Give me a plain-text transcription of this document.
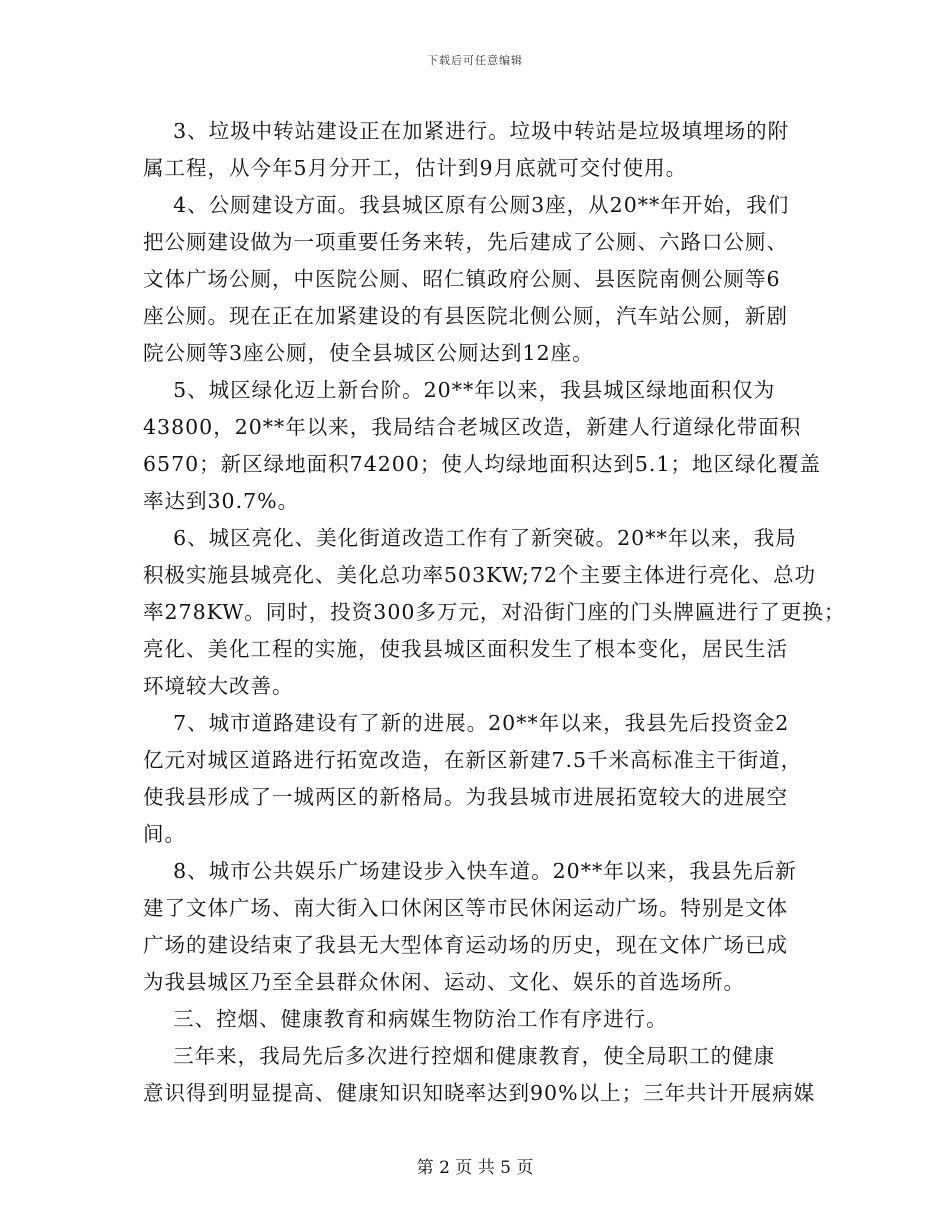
下载后可任意编辑
3、垃圾中转站建设正在加紧进行。垃圾中转站是垃圾填埋场的附
属工程，从今年5月分开工，估计到9月底就可交付使用。
4、公厕建设方面。我县城区原有公厕3座，从20**年开始，我们
把公厕建设做为一项重要任务来转，先后建成了公厕、六路口公厕、
文体广场公厕，中医院公厕、昭仁镇政府公厕、县医院南侧公厕等6
座公厕。现在正在加紧建设的有县医院北侧公厕，汽车站公厕，新剧
院公厕等3座公厕，使全县城区公厕达到12座。
5、城区绿化迈上新台阶。20**年以来，我县城区绿地面积仅为
43800，20**年以来，我局结合老城区改造，新建人行道绿化带面积
6570；新区绿地面积74200；使人均绿地面积达到5.1；地区绿化覆盖
率达到30.7%。
6、城区亮化、美化街道改造工作有了新突破。20**年以来，我局
积极实施县城亮化、美化总功率503KW;72个主要主体进行亮化、总功
率278KW。同时，投资300多万元，对沿街门座的门头牌匾进行了更换；
亮化、美化工程的实施，使我县城区面积发生了根本变化，居民生活
环境较大改善。
7、城市道路建设有了新的进展。20**年以来，我县先后投资金2
亿元对城区道路进行拓宽改造，在新区新建7.5千米高标准主干街道，
使我县形成了一城两区的新格局。为我县城市进展拓宽较大的进展空
间。
8、城市公共娱乐广场建设步入快车道。20**年以来，我县先后新
建了文体广场、南大街入口休闲区等市民休闲运动广场。特别是文体
广场的建设结束了我县无大型体育运动场的历史，现在文体广场已成
为我县城区乃至全县群众休闲、运动、文化、娱乐的首选场所。
三、控烟、健康教育和病媒生物防治工作有序进行。
三年来，我局先后多次进行控烟和健康教育，使全局职工的健康
意识得到明显提高、健康知识知晓率达到90%以上；三年共计开展病媒
第 2 页 共 5 页
